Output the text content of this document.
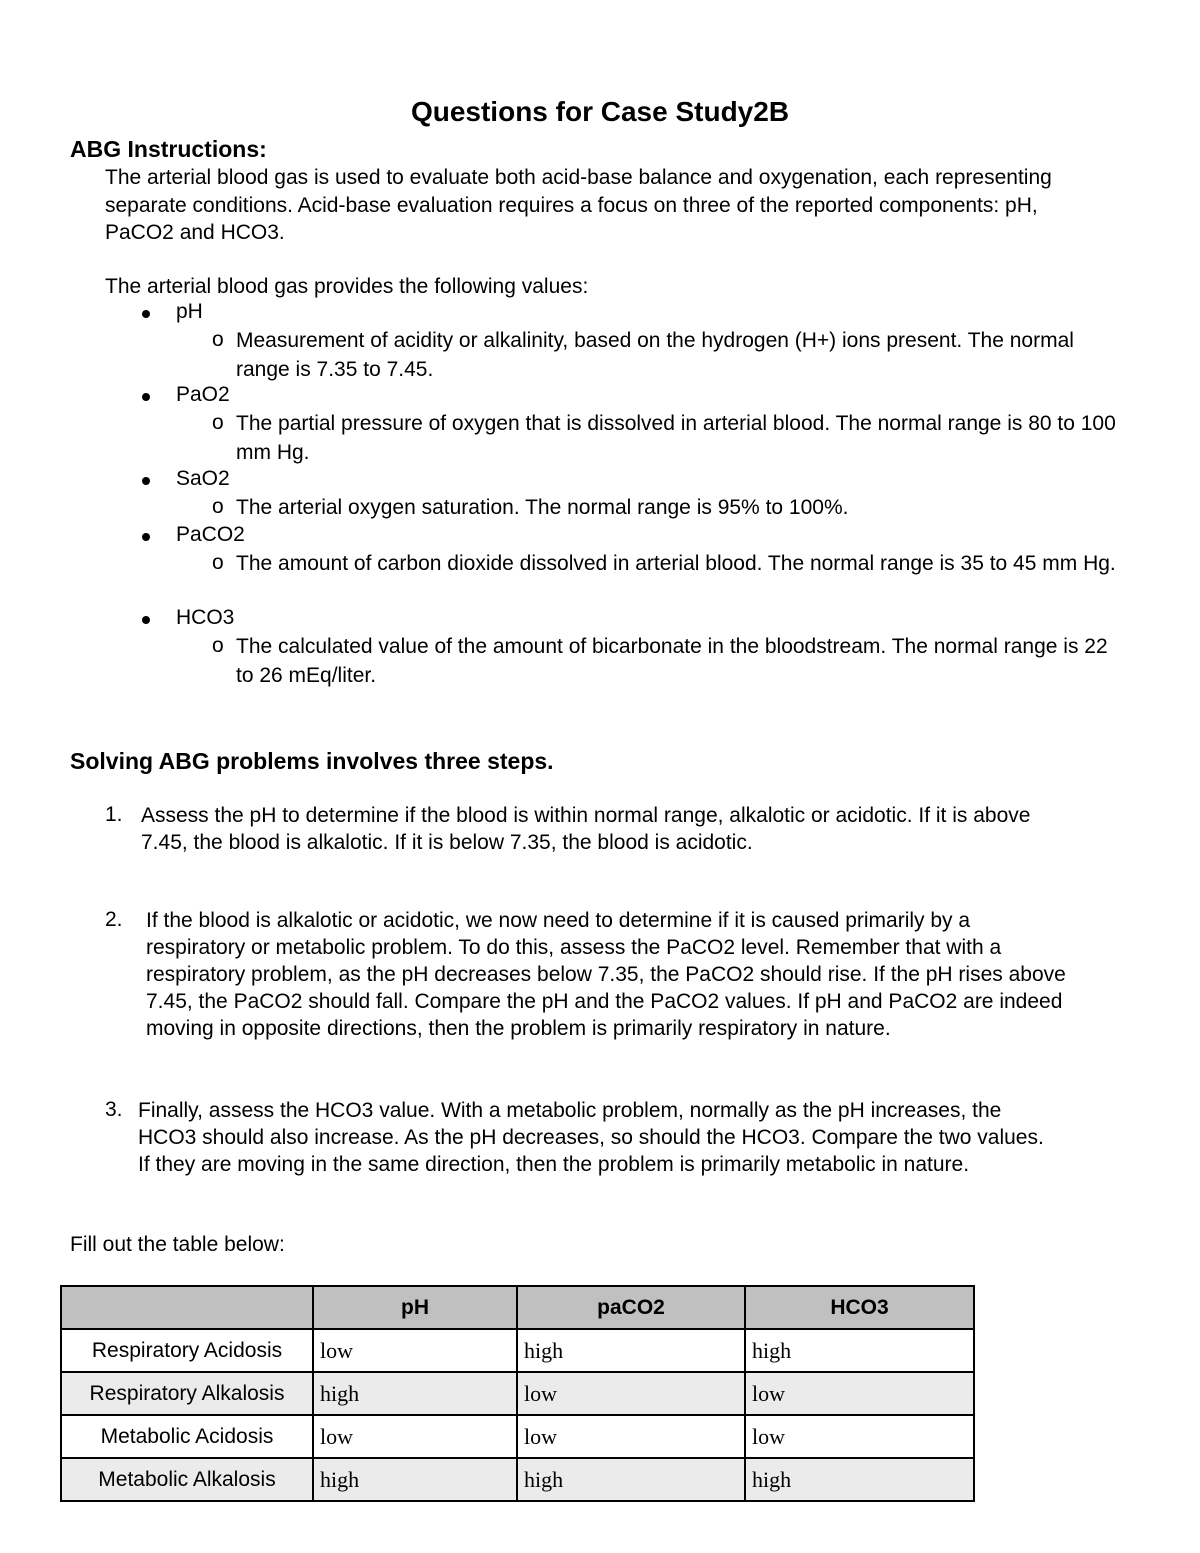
Questions for Case Study2B
ABG Instructions:
The arterial blood gas is used to evaluate both acid-base balance and oxygenation, each representing separate conditions. Acid-base evaluation requires a focus on three of the reported components: pH, PaCO2 and HCO3.
The arterial blood gas provides the following values:
pH
o Measurement of acidity or alkalinity, based on the hydrogen (H+) ions present. The normal range is 7.35 to 7.45.
PaO2
o The partial pressure of oxygen that is dissolved in arterial blood. The normal range is 80 to 100 mm Hg.
SaO2
o The arterial oxygen saturation. The normal range is 95% to 100%.
PaCO2
o The amount of carbon dioxide dissolved in arterial blood. The normal range is 35 to 45 mm Hg.
HCO3
o The calculated value of the amount of bicarbonate in the bloodstream. The normal range is 22 to 26 mEq/liter.
Solving ABG problems involves three steps.
1. Assess the pH to determine if the blood is within normal range, alkalotic or acidotic. If it is above 7.45, the blood is alkalotic. If it is below 7.35, the blood is acidotic.
2. If the blood is alkalotic or acidotic, we now need to determine if it is caused primarily by a respiratory or metabolic problem. To do this, assess the PaCO2 level. Remember that with a respiratory problem, as the pH decreases below 7.35, the PaCO2 should rise. If the pH rises above 7.45, the PaCO2 should fall. Compare the pH and the PaCO2 values. If pH and PaCO2 are indeed moving in opposite directions, then the problem is primarily respiratory in nature.
3. Finally, assess the HCO3 value. With a metabolic problem, normally as the pH increases, the HCO3 should also increase. As the pH decreases, so should the HCO3. Compare the two values. If they are moving in the same direction, then the problem is primarily metabolic in nature.
Fill out the table below:
	pH	paCO2	HCO3
Respiratory Acidosis	low	high	high
Respiratory Alkalosis	high	low	low
Metabolic Acidosis	low	low	low
Metabolic Alkalosis	high	high	high
